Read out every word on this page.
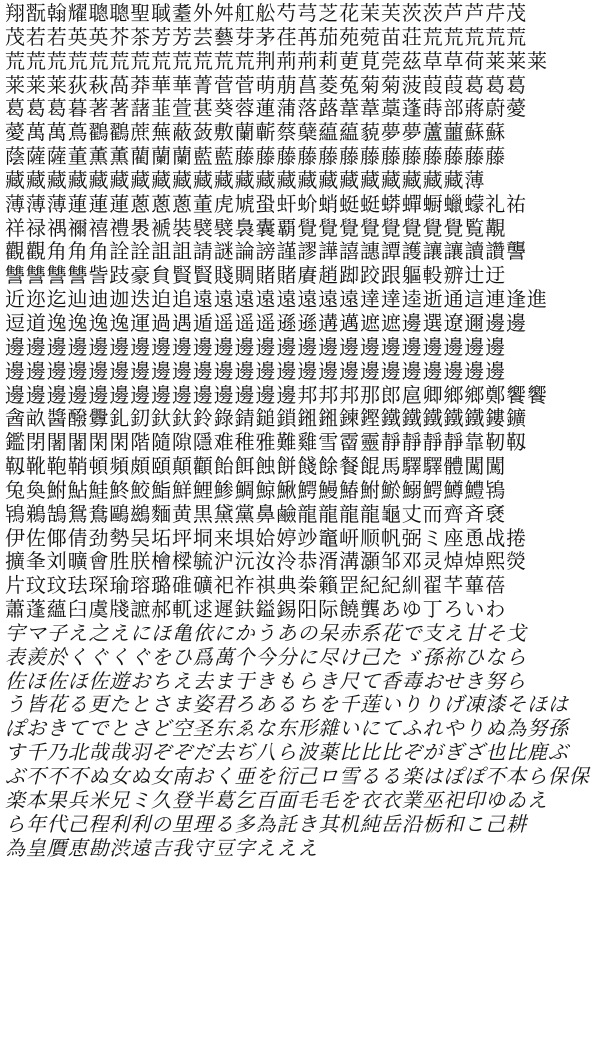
翔翫翰耀聰聰聖聝耋外舛舡舩芍芎芝花茉芙茨茨芦芦芹茂
茂若若英英芥茶芳芳芸藝芽茅荏苒茄苑菀苗荘荒荒荒荒荒
荒荒荒荒荒荒荒荒荒荒荒荒荆荊荊莉莄莧莞茲草草荷莱莱莱
莱莱莱荻萩萵莽華華菁菅菅萌萠菖菱菟菊菊菠葭葭葛葛葛
葛葛葛暮著著藷韮萱葚葵蓉蓮蒲落蕗葦葦藁蓬蒔部蔣蔚薆
薆萬萬蔦鸐鸐蔗蕪蔽蔹敷蘭蘄蔡蘖藴藴藐夢夢蘆蘁蘇蘇
蔭薩薩董薫薫藺蘭蘭藍藍藤藤藤藤藤藤藤藤藤藤藤藤藤
藏藏藏藏藏藏藏藏藏藏藏藏藏藏藏藏藏藏藏藏藏藏薄
薄薄薄蓮蓮蓮蔥蔥蔥董虎虓蛩虷蚧蛸蜓蜓蟒蟬蟵蠟蠓礼祐
祥禄禑禰禧禮褁褫裝襞襞裊囊覇覺覺覺覺覺覺覺覺覧覯
觀觀角角角詮詮詛詛請謎論謗謹謬譁譆譓譚護讓讓讀讚讋
讐讐讐讐訾跂豪貟賢賢賤賙賭賭賡趙踋跤跟軀軗辧辻迂
近迩迄辿迪迦迭迫追遠遠遠遠遠遠遠遠達達逵逝通這連逢進
逗道逸逸逸逸運過遇遁遥遥遥遜遜遘邁遮遮邊選遼邇邊邊
邊邊邊邊邊邊邊邊邊邊邊邊邊邊邊邊邊邊邊邊邊邊邊邊
邊邊邊邊邊邊邊邊邊邊邊邊邊邊邊邊邊邊邊邊邊邊邊邊
邊邊邊邊邊邊邊邊邊邊邊邊邊邊邦邦邦那郎扈卿鄉鄉鄭饗饗
酓畝醬醱釁釓釖釱釱鈴錄錆鎚鎖鎺鎺鍊鏗鐵鐵鐵鐵鐵鏤鑛
鑑閉闍闍閑閑階隨隙隱难稚雅難雞雪霤靈靜靜靜靜靠靭靱
靱靴鞄鞘頓頻頗頤顛顴飴餌蝕餅餞餘餐餛馬驛驛體闖闖
兔奐鮒鮎鮭鮗鮫鮨鮮鯉鯵鯛鯨鰍鰐鰻鰆鮒鯲鰯鰐鱒鱧鴇
鴇鵜鵠鴛鴦鷗鷀麵黄黒黛黨鼻鹼龍龍龍龍龜丈而齊斉褎
伊佐倻倩劲勢吴坧坪垌来埧姶婷竗竈岍顺帆弼ミ座恿战捲
擴夆刘曠會胜朕檜樑毓沪沅汝泠恭湑溝灝邹邓灵焯焯熙熒
片玟玟珐琛瑜瑢璐碓礦祀祚祺典桊籟罡紀紀紃翟芊蓽蓓
蕭蓬蘊臼虞牋謶郝軏逑遲鈇鎰錫阳际饒龔あゆ丁ろいわ
宇マ子え之えにほ亀依にかうあの呆赤系花で支え甘そ戈
表羨於くぐくぐをひ爲萬个今分に尽け己たゞ孫祢ひなら
佐ほ佐ほ佐遊おちえ去ま于きもらき尺て香毒おせき努ら
う皆花る更たとさま姿君ろあるちを千莲いりりげ凍漆そほは
ぽおきてでとさど空圣东ゑな东形雜いにてふれやりぬ為努孫
す千乃北哉哉羽ぞぞだ去ぢ八ら波薬比比比ぞがぎざ也比鹿ぶ
ぶ不不不ぬ女ぬ女南おく亜を衍己ロ雪るる楽はぽぽ不本ら保保
楽本果兵米兄ミ久登半葛乞百面毛毛を衣衣業巫祀印ゆゐえ
ら年代己程利利の里理る多為託き其机純岳沿栃和こ己耕
為皇贋恵勘渋遠吉我守豆字えええ
